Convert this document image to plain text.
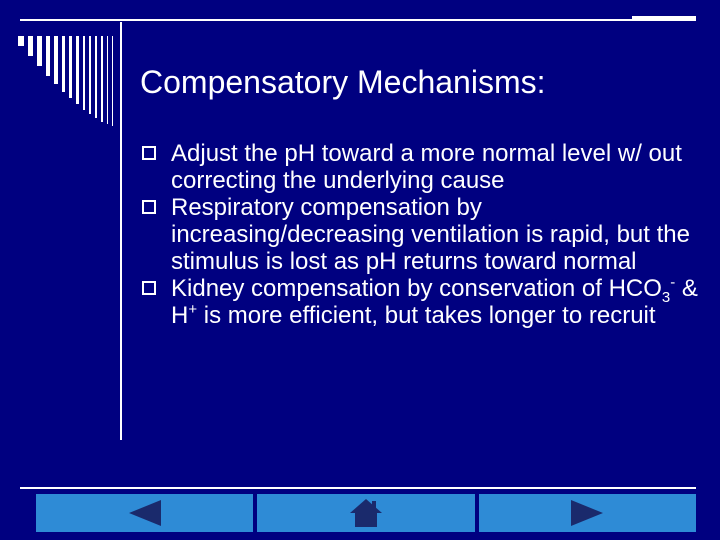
Compensatory Mechanisms:
Adjust the pH toward a more normal level w/ out correcting the underlying cause
Respiratory compensation by increasing/decreasing ventilation is rapid, but the stimulus is lost as pH returns toward normal
Kidney compensation by conservation of $HCO_3^-$ & H+ is more efficient, but takes longer to recruit
